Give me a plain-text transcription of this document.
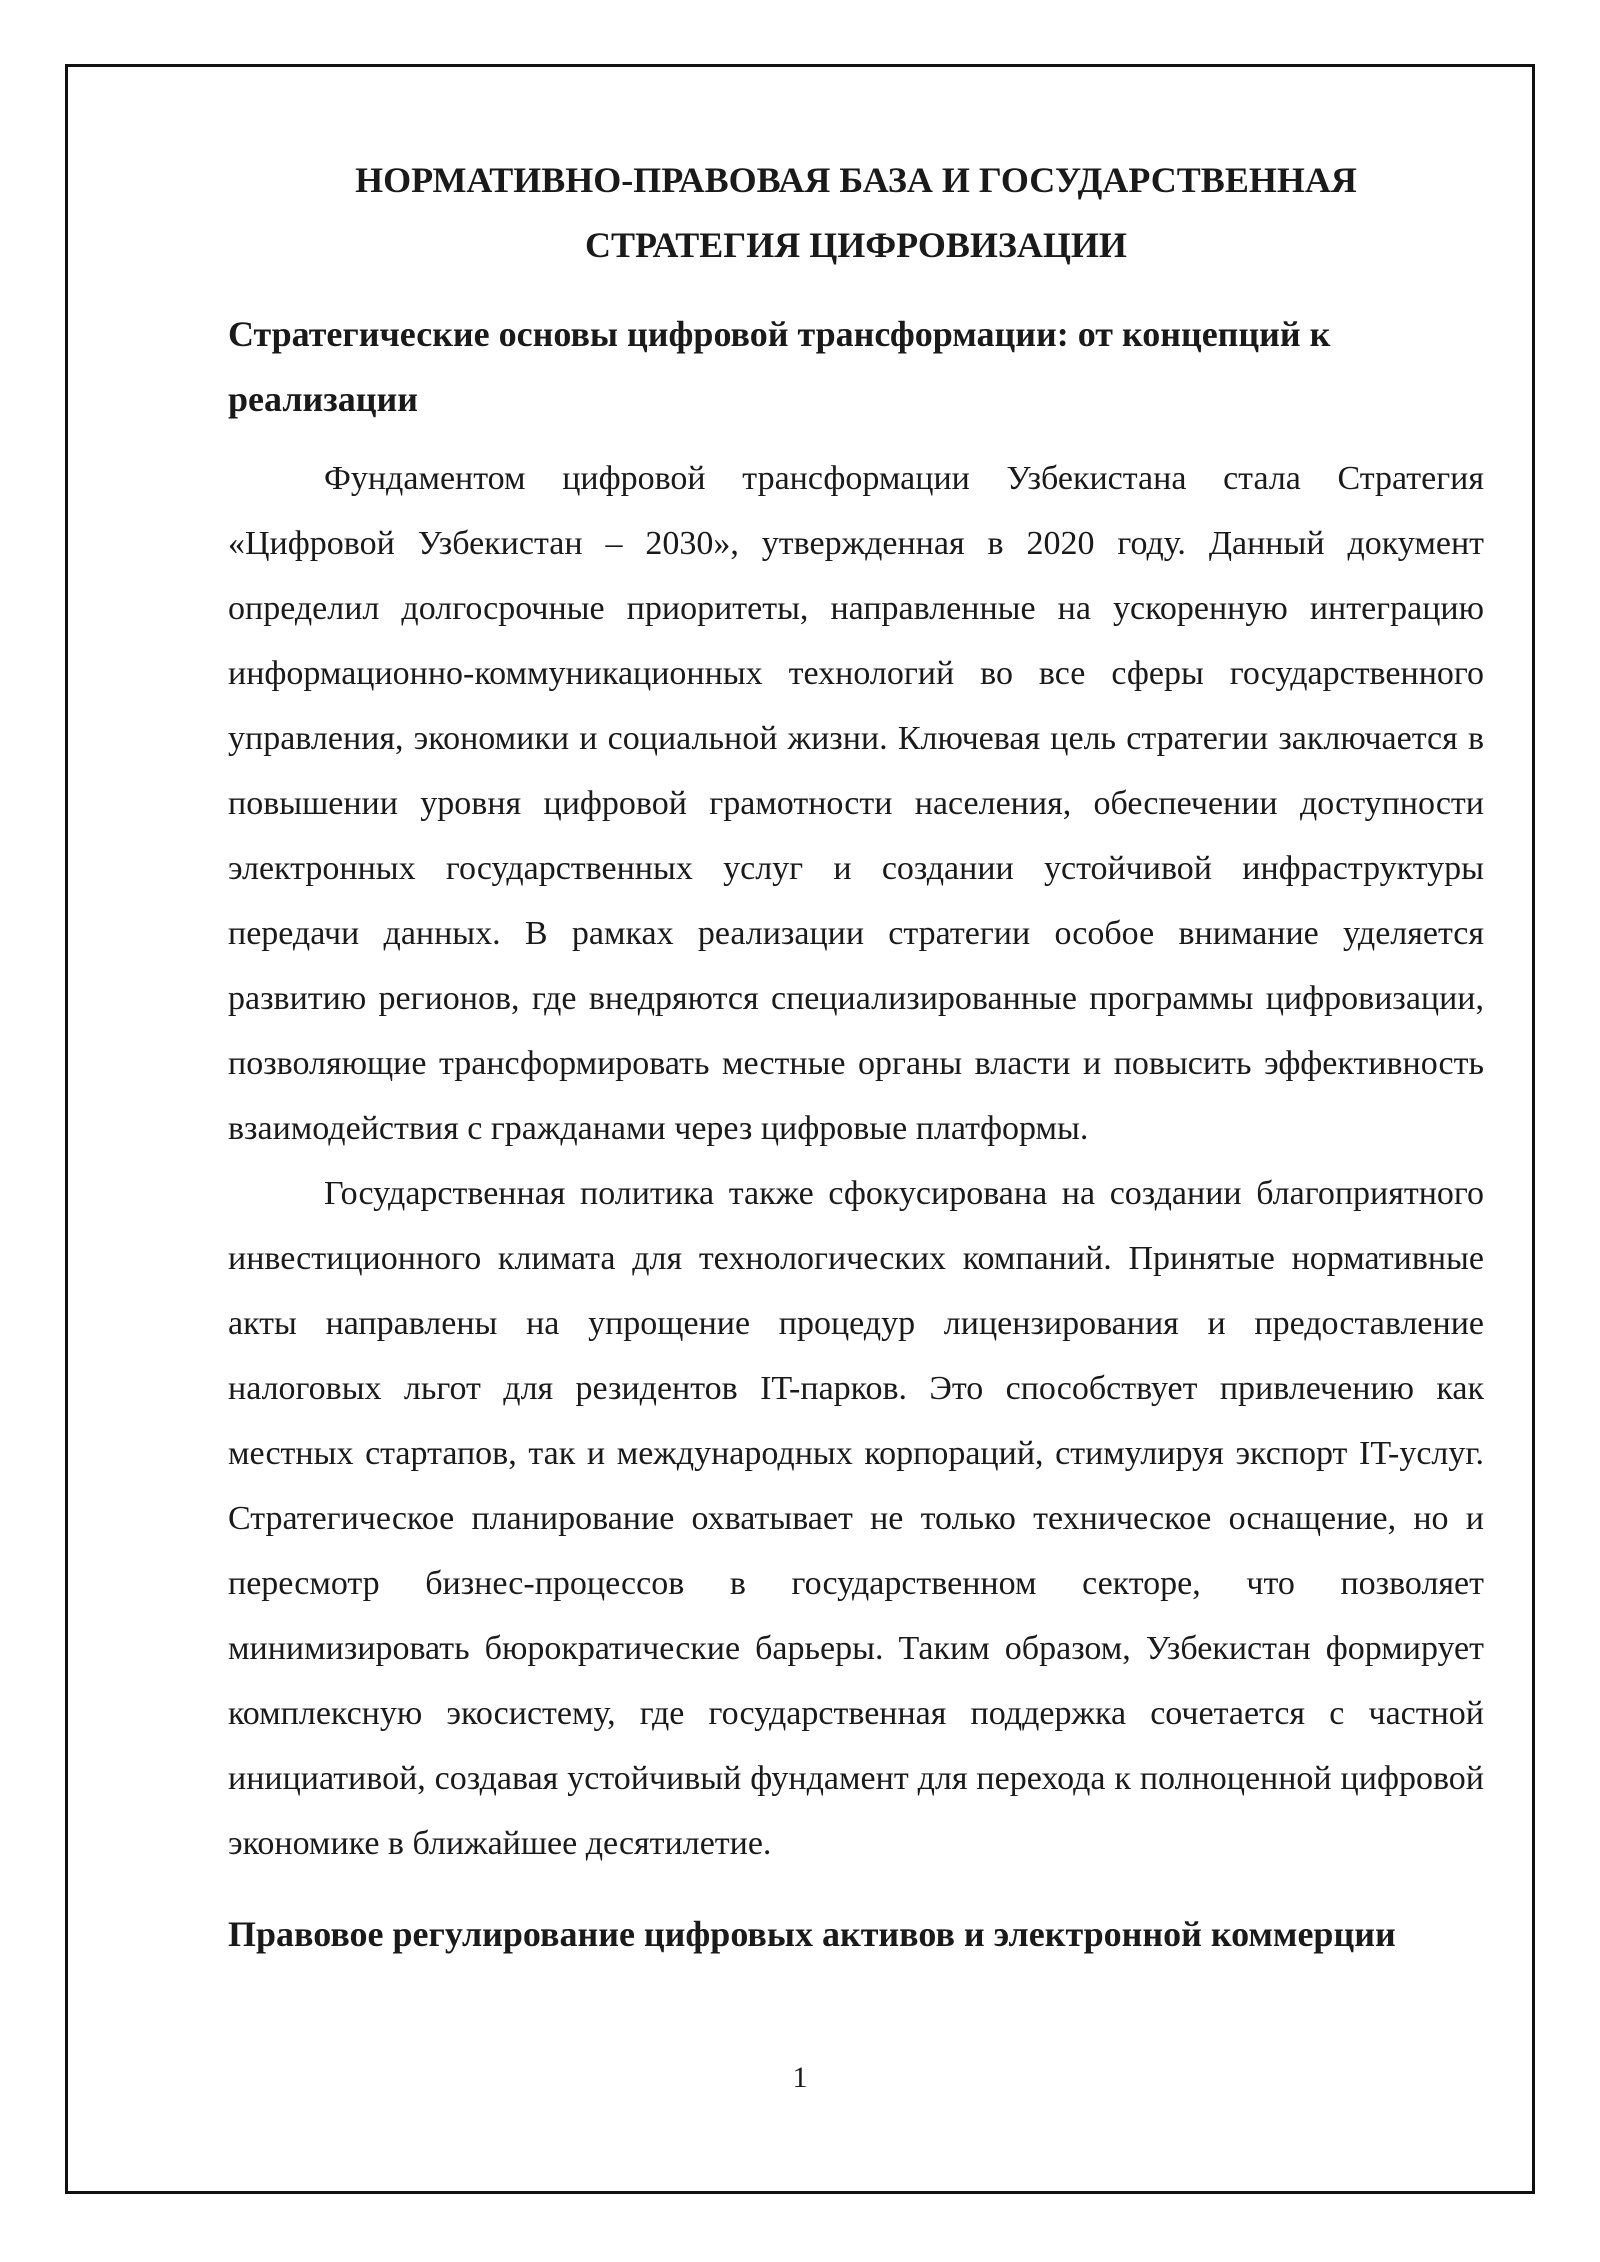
НОРМАТИВНО-ПРАВОВАЯ БАЗА И ГОСУДАРСТВЕННАЯ
СТРАТЕГИЯ ЦИФРОВИЗАЦИИ
Стратегические основы цифровой трансформации: от концепций к реализации

Фундаментом цифровой трансформации Узбекистана стала Стратегия «Цифровой Узбекистан – 2030», утвержденная в 2020 году. Данный документ определил долгосрочные приоритеты, направленные на ускоренную интеграцию информационно-коммуникационных технологий во все сферы государственного управления, экономики и социальной жизни. Ключевая цель стратегии заключается в повышении уровня цифровой грамотности населения, обеспечении доступности электронных государственных услуг и создании устойчивой инфраструктуры передачи данных. В рамках реализации стратегии особое внимание уделяется развитию регионов, где внедряются специализированные программы цифровизации, позволяющие трансформировать местные органы власти и повысить эффективность взаимодействия с гражданами через цифровые платформы.

Государственная политика также сфокусирована на создании благоприятного инвестиционного климата для технологических компаний. Принятые нормативные акты направлены на упрощение процедур лицензирования и предоставление налоговых льгот для резидентов IT-парков. Это способствует привлечению как местных стартапов, так и международных корпораций, стимулируя экспорт IT-услуг. Стратегическое планирование охватывает не только техническое оснащение, но и пересмотр бизнес-процессов в государственном секторе, что позволяет минимизировать бюрократические барьеры. Таким образом, Узбекистан формирует комплексную экосистему, где государственная поддержка сочетается с частной инициативой, создавая устойчивый фундамент для перехода к полноценной цифровой экономике в ближайшее десятилетие.

Правовое регулирование цифровых активов и электронной коммерции
1
